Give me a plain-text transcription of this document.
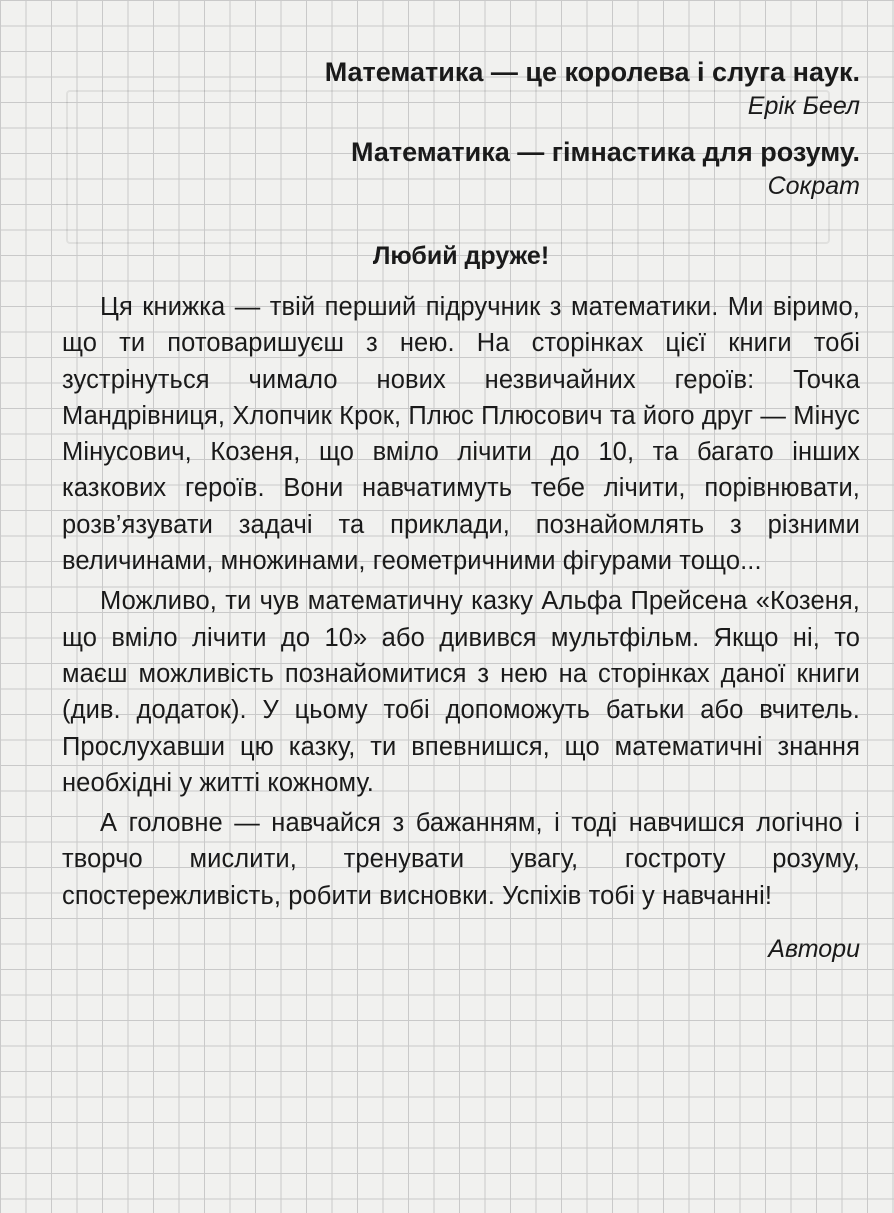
Математика — це королева і слуга наук.

Ерік Беел

Математика — гімнастика для розуму.

Сократ

Любий друже!

Ця книжка — твій перший підручник з математики. Ми віримо, що ти потоваришуєш з нею. На сторінках цієї книги тобі зустрінуться чимало нових незвичайних героїв: Точка Мандрівниця, Хлопчик Крок, Плюс Плюсович та його друг — Мінус Мінусович, Козеня, що вміло лічити до 10, та багато інших казкових героїв. Вони навчатимуть тебе лічити, порівнювати, розв’язувати задачі та приклади, познайомлять з різними величинами, множинами, геометричними фігурами тощо...

Можливо, ти чув математичну казку Альфа Прейсена «Козеня, що вміло лічити до 10» або дивився мультфільм. Якщо ні, то маєш можливість познайомитися з нею на сторінках даної книги (див. додаток). У цьому тобі допоможуть батьки або вчитель. Прослухавши цю казку, ти впевнишся, що математичні знання необхідні у житті кожному.

А головне — навчайся з бажанням, і тоді навчишся логічно і творчо мислити, тренувати увагу, гостроту розуму, спостережливість, робити висновки. Успіхів тобі у навчанні!

Автори
